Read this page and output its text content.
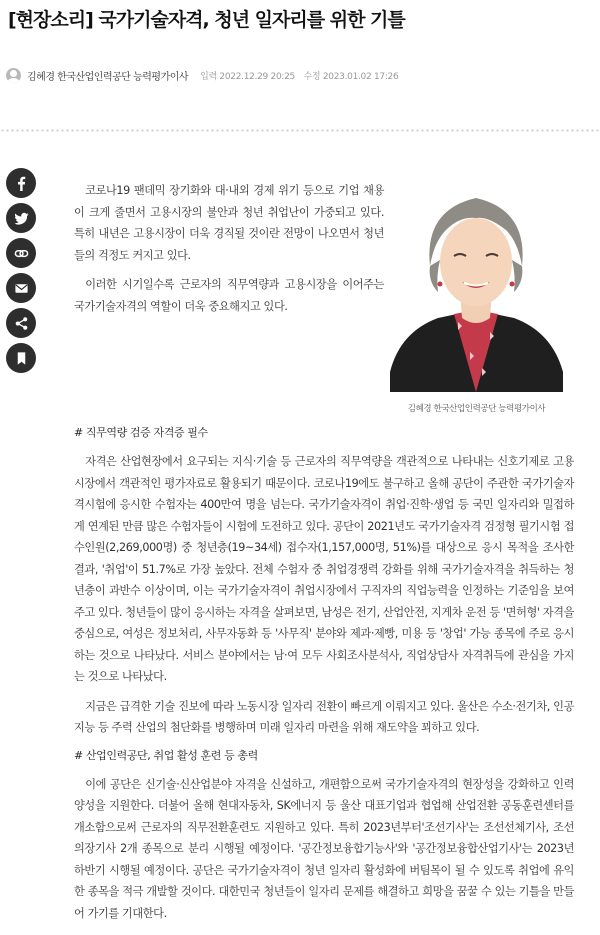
[현장소리] 국가기술자격, 청년 일자리를 위한 기틀
김혜경 한국산업인력공단 능력평가이사 입력 2022.12.29 20:25 수정 2023.01.02 17:26

코로나19 팬데믹 장기화와 대·내외 경제 위기 등으로 기업 채용이 크게 줄면서 고용시장의 불안과 청년 취업난이 가중되고 있다. 특히 내년은 고용시장이 더욱 경직될 것이란 전망이 나오면서 청년들의 걱정도 커지고 있다.

이러한 시기일수록 근로자의 직무역량과 고용시장을 이어주는 국가기술자격의 역할이 더욱 중요해지고 있다.

김혜경 한국산업인력공단 능력평가이사
# 직무역량 검증 자격증 필수

자격은 산업현장에서 요구되는 지식·기술 등 근로자의 직무역량을 객관적으로 나타내는 신호기제로 고용시장에서 객관적인 평가자료로 활용되기 때문이다. 코로나19에도 불구하고 올해 공단이 주관한 국가기술자격시험에 응시한 수험자는 400만여 명을 넘는다. 국가기술자격이 취업·진학·생업 등 국민 일자리와 밀접하게 연계된 만큼 많은 수험자들이 시험에 도전하고 있다. 공단이 2021년도 국가기술자격 검정형 필기시험 접수인원(2,269,000명) 중 청년층(19~34세) 접수자(1,157,000명, 51%)를 대상으로 응시 목적을 조사한 결과, '취업'이 51.7%로 가장 높았다. 전체 수험자 중 취업경쟁력 강화를 위해 국가기술자격을 취득하는 청년층이 과반수 이상이며, 이는 국가기술자격이 취업시장에서 구직자의 직업능력을 인정하는 기준임을 보여주고 있다. 청년들이 많이 응시하는 자격을 살펴보면, 남성은 전기, 산업안전, 지게차 운전 등 '면허형' 자격을 중심으로, 여성은 정보처리, 사무자동화 등 '사무직' 분야와 제과·제빵, 미용 등 '창업' 가능 종목에 주로 응시하는 것으로 나타났다. 서비스 분야에서는 남·여 모두 사회조사분석사, 직업상담사 자격취득에 관심을 가지는 것으로 나타났다.

지금은 급격한 기술 진보에 따라 노동시장 일자리 전환이 빠르게 이뤄지고 있다. 울산은 수소·전기차, 인공지능 등 주력 산업의 첨단화를 병행하며 미래 일자리 마련을 위해 재도약을 꾀하고 있다.

# 산업인력공단, 취업 활성 훈련 등 총력

이에 공단은 신기술·신산업분야 자격을 신설하고, 개편함으로써 국가기술자격의 현장성을 강화하고 인력양성을 지원한다. 더불어 올해 현대자동차, SK에너지 등 울산 대표기업과 협업해 산업전환 공동훈련센터를 개소함으로써 근로자의 직무전환훈련도 지원하고 있다. 특히 2023년부터'조선기사'는 조선선체기사, 조선의장기사 2개 종목으로 분리 시행될 예정이다. '공간정보융합기능사'와 '공간정보융합산업기사'는 2023년 하반기 시행될 예정이다. 공단은 국가기술자격이 청년 일자리 활성화에 버팀목이 될 수 있도록 취업에 유익한 종목을 적극 개발할 것이다. 대한민국 청년들이 일자리 문제를 해결하고 희망을 꿈꿀 수 있는 기틀을 만들어 가기를 기대한다.
